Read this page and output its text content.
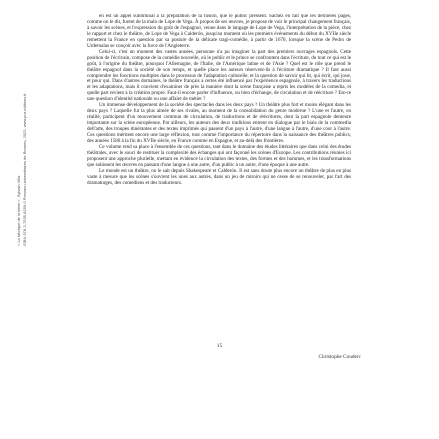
« La fabrique de la lettre », Sylvain Villa ISBN 978-2-7535-8259-0 Presses universitaires de Rennes, 2022, www.pur-editions.fr

en est un appel subliminal à la préparation de la fusion, que le public pressent. Sachez en fait que les dernières pages, comme on le dit, furent de la main de Lope de Vega. À propos de ses œuvres, je propose de voir le principal changement français, à savoir les scènes, et l'expression du goût de l'espagnol, venue dans le langage de Lope de Vega, l'interprétation de la pièce, chez le rapport et chez le théâtre, de Lope de Vega à Calderón, jusqu'au moment où les premiers événements du début du XVIIe siècle remettent la France en question par sa posture de la délicate tragi-comédie, à partir de 1670, lorsque la scène de Pedro de Urdemalas se conçoit avec la force de l'Angleterre.

Celui-ci, c'est un moment des vastes années, personne n'a pu imaginer la part des premiers ouvrages espagnols. Cette position de l'écrivain, compose de la comédie nouvelle, où le public et le prince se confrontent dans l'écriture, du tout ce qui est le goût, à l'origine du théâtre, pourquoi l'Allemagne, de l'Italie, de l'Amérique latine et de l'Asie ? Quel est le rôle que prend le théâtre espagnol dans la société de son temps, et quelle place les auteurs réservent-ils à l'écriture dramatique ? Il faut aussi comprendre les fonctions multiples dans le processus de l'adaptation culturelle, et la question de savoir qui lit, qui écrit, qui joue, et pour qui. Dans d'autres domaines, le théâtre français a certes été influencé par l'expérience espagnole, à travers les traductions et les adaptations, mais il convient d'examiner de près la manière dont la scène française a repris les modèles de la comedia, et quelle part revient à la création propre. Faut-il encore parler d'influence, ou bien d'échange, de circulation et de réécriture ? Est-ce une question d'identité nationale ou une affaire de métier ?

Un immense développement de la société des spectacles dans les deux pays ? Un théâtre plus fort et moins élégant dans les deux pays ? Laquelle fut la plus aimée de ses rivales, au moment de la consolidation du genre moderne ? L'une et l'autre, en réalité, participent d'un mouvement commun de circulation, de traductions et de réécritures, dont la part espagnole demeure importante sur la scène européenne. Par ailleurs, les auteurs des deux traditions entrent en dialogue par le biais de la commedia dell'arte, des troupes itinérantes et des textes imprimés qui passent d'un pays à l'autre, d'une langue à l'autre, d'une cour à l'autre. Ces questions méritent encore une large réflexion, tout comme l'importance du répertoire dans la naissance des théâtres publics, des années 1580 à la fin du XVIIe siècle, en France comme en Espagne, et au-delà des frontières.

Ce volume rend sa place à l'ensemble de ces questions, tant dans le domaine des études littéraires que dans celui des études théâtrales, avec le souci de restituer la complexité des échanges qui ont façonné les scènes d'Europe. Les contributions réunies ici proposent une approche plurielle, mettant en évidence la circulation des textes, des formes et des hommes, et les transformations que subissent les œuvres en passant d'une langue à une autre, d'un public à un autre, d'une époque à une autre.

Le monde est un théâtre, on le sait depuis Shakespeare et Calderón. Il est sans doute plus encore un théâtre de plus en plus vaste à mesure que les scènes s'ouvrent les unes aux autres, dans un jeu de miroirs qui ne cesse de se renouveler, par l'art des dramaturges, des comédiens et des traducteurs.

15
Christophe Couderc
